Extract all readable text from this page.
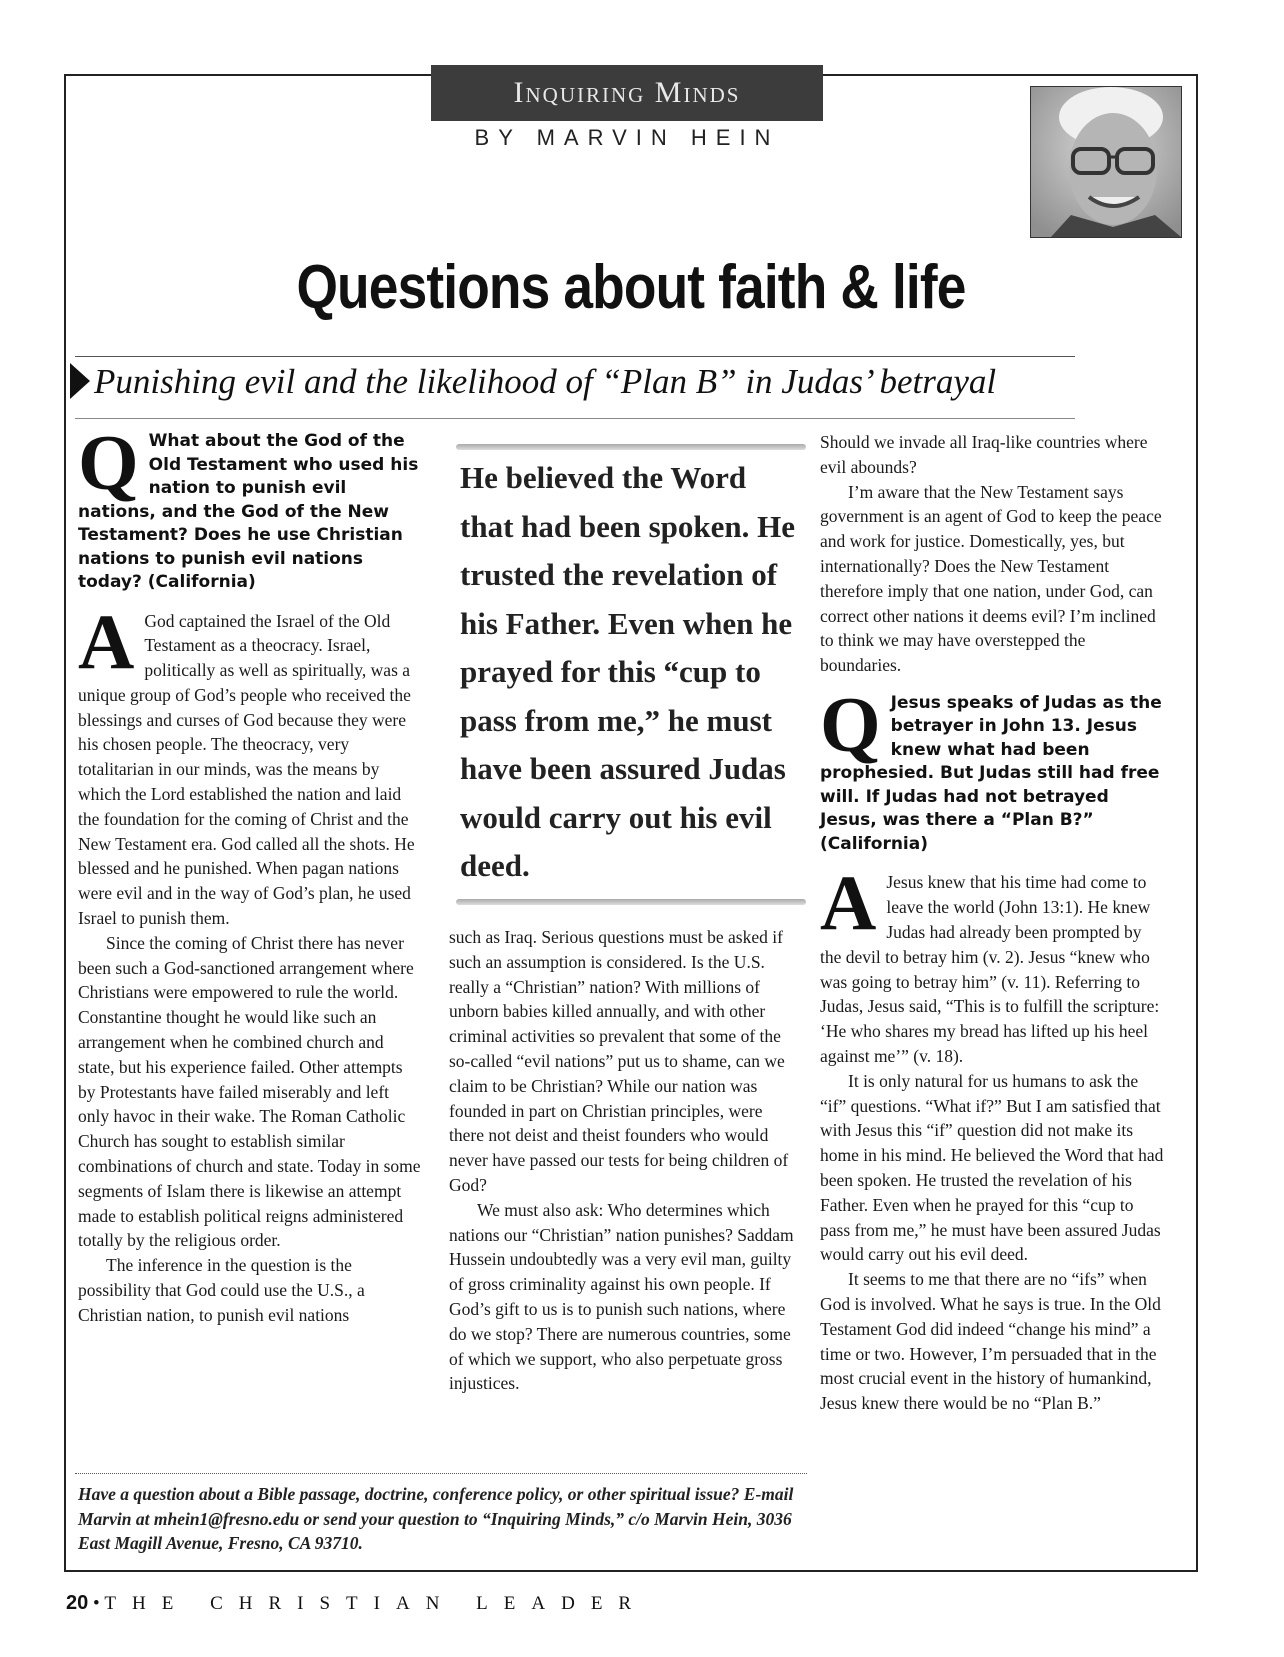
Inquiring Minds
BY MARVIN HEIN
Questions about faith & life
Punishing evil and the likelihood of “Plan B” in Judas’ betrayal
Q What about the God of the Old Testament who used his nation to punish evil nations, and the God of the New Testament? Does he use Christian nations to punish evil nations today? (California)
A God captained the Israel of the Old Testament as a theocracy. Israel, politically as well as spiritually, was a unique group of God’s people who received the blessings and curses of God because they were his chosen people. The theocracy, very totalitarian in our minds, was the means by which the Lord established the nation and laid the foundation for the coming of Christ and the New Testament era. God called all the shots. He blessed and he punished. When pagan nations were evil and in the way of God’s plan, he used Israel to punish them.

Since the coming of Christ there has never been such a God-sanctioned arrangement where Christians were empowered to rule the world. Constantine thought he would like such an arrangement when he combined church and state, but his experience failed. Other attempts by Protestants have failed miserably and left only havoc in their wake. The Roman Catholic Church has sought to establish similar combinations of church and state. Today in some segments of Islam there is likewise an attempt made to establish political reigns administered totally by the religious order.

The inference in the question is the possibility that God could use the U.S., a Christian nation, to punish evil nations

He believed the Word that had been spoken. He trusted the revelation of his Father. Even when he prayed for this “cup to pass from me,” he must have been assured Judas would carry out his evil deed.

such as Iraq. Serious questions must be asked if such an assumption is considered. Is the U.S. really a “Christian” nation? With millions of unborn babies killed annually, and with other criminal activities so prevalent that some of the so-called “evil nations” put us to shame, can we claim to be Christian? While our nation was founded in part on Christian principles, were there not deist and theist founders who would never have passed our tests for being children of God?

We must also ask: Who determines which nations our “Christian” nation punishes? Saddam Hussein undoubtedly was a very evil man, guilty of gross criminality against his own people. If God’s gift to us is to punish such nations, where do we stop? There are numerous countries, some of which we support, who also perpetuate gross injustices.

Should we invade all Iraq-like countries where evil abounds?

I’m aware that the New Testament says government is an agent of God to keep the peace and work for justice. Domestically, yes, but internationally? Does the New Testament therefore imply that one nation, under God, can correct other nations it deems evil? I’m inclined to think we may have overstepped the boundaries.

Q Jesus speaks of Judas as the betrayer in John 13. Jesus knew what had been prophesied. But Judas still had free will. If Judas had not betrayed Jesus, was there a “Plan B?” (California)
A Jesus knew that his time had come to leave the world (John 13:1). He knew Judas had already been prompted by the devil to betray him (v. 2). Jesus “knew who was going to betray him” (v. 11). Referring to Judas, Jesus said, “This is to fulfill the scripture: ‘He who shares my bread has lifted up his heel against me’” (v. 18).

It is only natural for us humans to ask the “if” questions. “What if?” But I am satisfied that with Jesus this “if” question did not make its home in his mind. He believed the Word that had been spoken. He trusted the revelation of his Father. Even when he prayed for this “cup to pass from me,” he must have been assured Judas would carry out his evil deed.

It seems to me that there are no “ifs” when God is involved. What he says is true. In the Old Testament God did indeed “change his mind” a time or two. However, I’m persuaded that in the most crucial event in the history of humankind, Jesus knew there would be no “Plan B.”

Have a question about a Bible passage, doctrine, conference policy, or other spiritual issue? E-mail Marvin at mhein1@fresno.edu or send your question to “Inquiring Minds,” c/o Marvin Hein, 3036 East Magill Avenue, Fresno, CA 93710.
20 • THE CHRISTIAN LEADER
